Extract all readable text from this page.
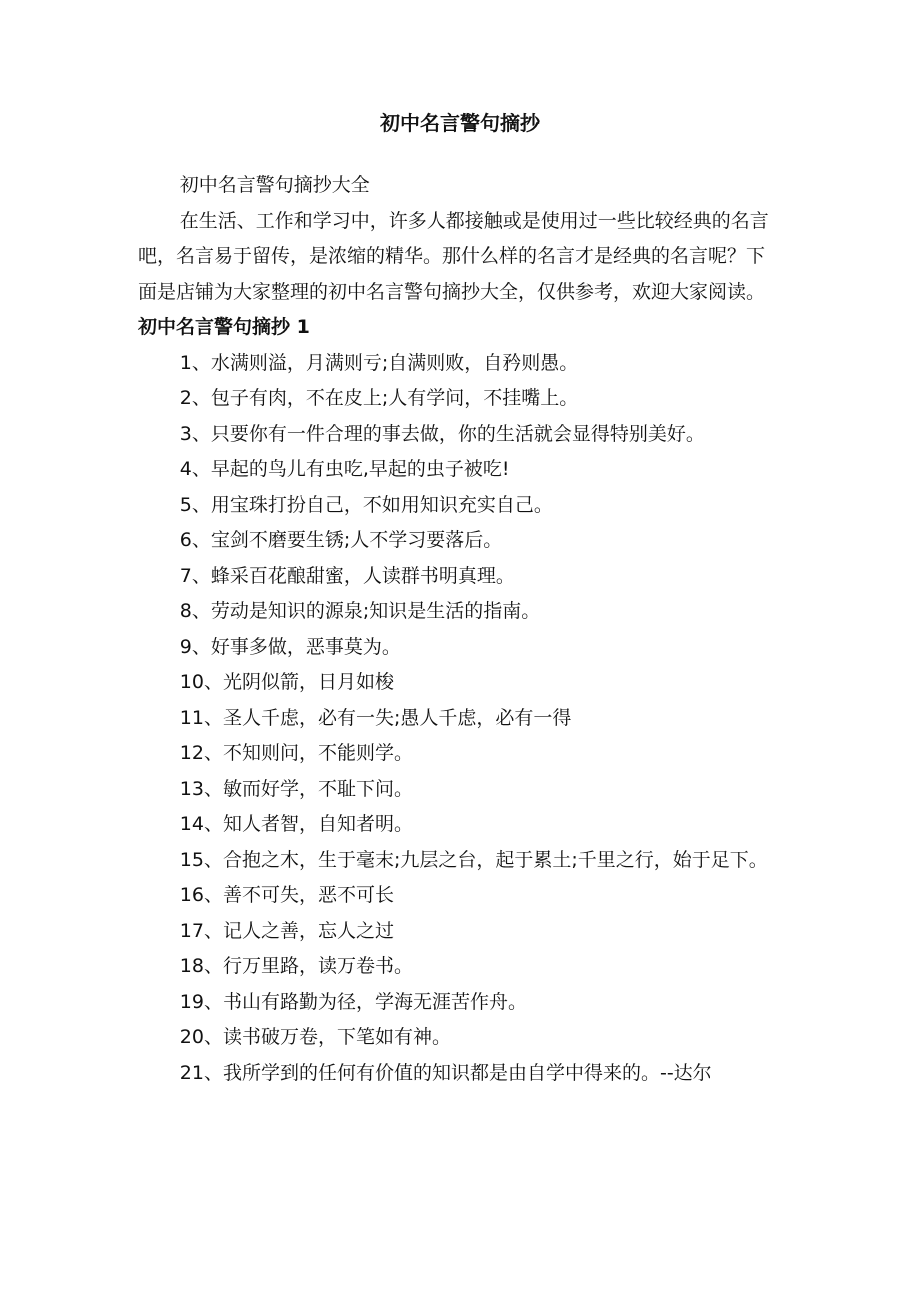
初中名言警句摘抄

初中名言警句摘抄大全

在生活、工作和学习中，许多人都接触或是使用过一些比较经典的名言吧，名言易于留传，是浓缩的精华。那什么样的名言才是经典的名言呢？下面是店铺为大家整理的初中名言警句摘抄大全，仅供参考，欢迎大家阅读。

初中名言警句摘抄 1

1、水满则溢，月满则亏;自满则败，自矜则愚。

2、包子有肉，不在皮上;人有学问，不挂嘴上。

3、只要你有一件合理的事去做，你的生活就会显得特别美好。

4、早起的鸟儿有虫吃,早起的虫子被吃!

5、用宝珠打扮自己，不如用知识充实自己。

6、宝剑不磨要生锈;人不学习要落后。

7、蜂采百花酿甜蜜，人读群书明真理。

8、劳动是知识的源泉;知识是生活的指南。

9、好事多做，恶事莫为。

10、光阴似箭，日月如梭

11、圣人千虑，必有一失;愚人千虑，必有一得

12、不知则问，不能则学。

13、敏而好学，不耻下问。

14、知人者智，自知者明。

15、合抱之木，生于毫末;九层之台，起于累土;千里之行，始于足下。

16、善不可失，恶不可长

17、记人之善，忘人之过

18、行万里路，读万卷书。

19、书山有路勤为径，学海无涯苦作舟。

20、读书破万卷，下笔如有神。

21、我所学到的任何有价值的知识都是由自学中得来的。--达尔
